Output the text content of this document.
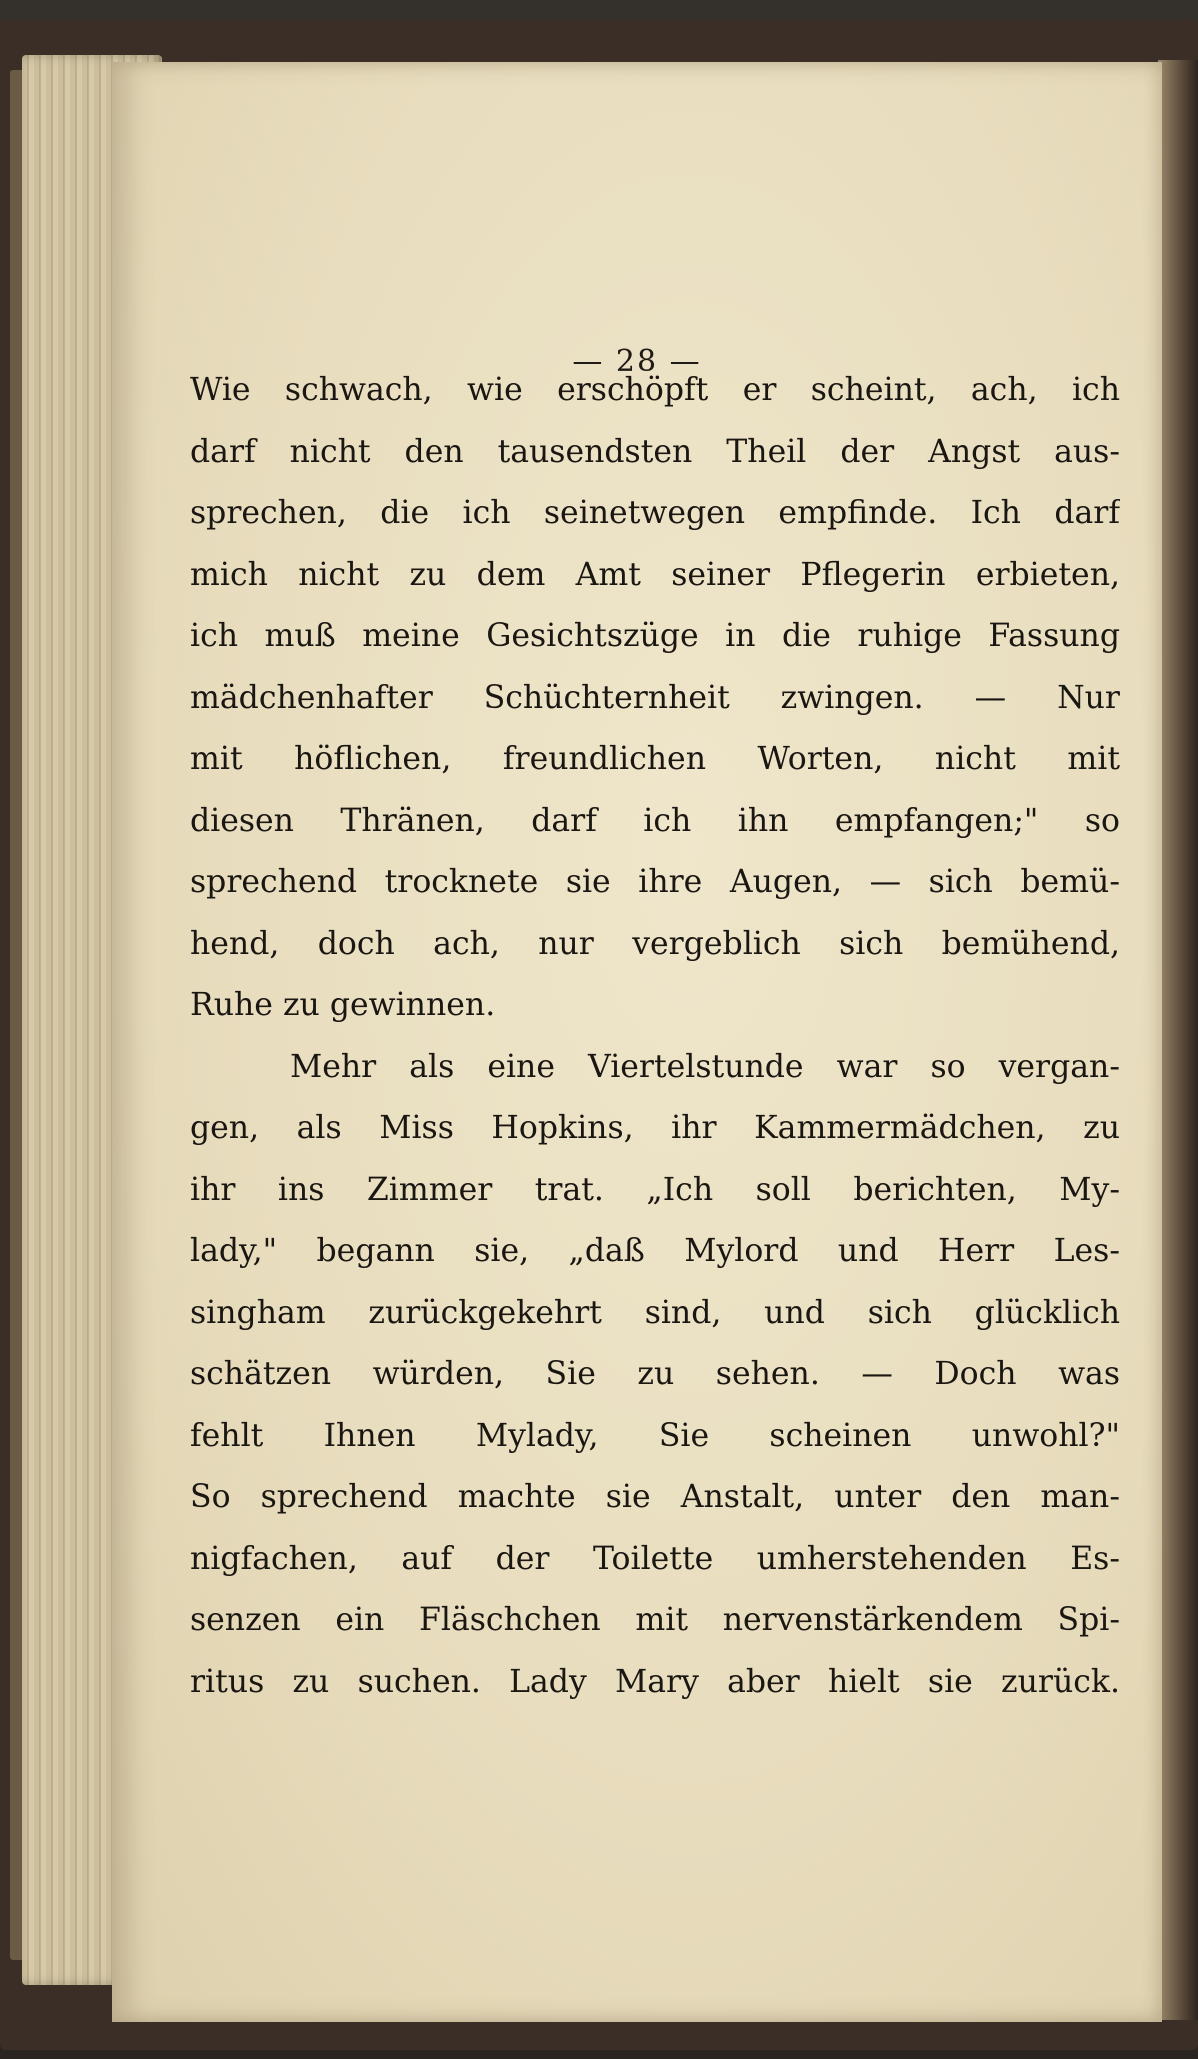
— 28 —
Wie schwach, wie erschöpft er scheint, ach, ich
darf nicht den tausendsten Theil der Angst aus-
sprechen, die ich seinetwegen empfinde. Ich darf
mich nicht zu dem Amt seiner Pflegerin erbieten,
ich muß meine Gesichtszüge in die ruhige Fassung
mädchenhafter Schüchternheit zwingen. — Nur
mit höflichen, freundlichen Worten, nicht mit
diesen Thränen, darf ich ihn empfangen;" so
sprechend trocknete sie ihre Augen, — sich bemü-
hend, doch ach, nur vergeblich sich bemühend,
Ruhe zu gewinnen.
Mehr als eine Viertelstunde war so vergan-
gen, als Miss Hopkins, ihr Kammermädchen, zu
ihr ins Zimmer trat. „Ich soll berichten, My-
lady," begann sie, „daß Mylord und Herr Les-
singham zurückgekehrt sind, und sich glücklich
schätzen würden, Sie zu sehen. — Doch was
fehlt Ihnen Mylady, Sie scheinen unwohl?"
So sprechend machte sie Anstalt, unter den man-
nigfachen, auf der Toilette umherstehenden Es-
senzen ein Fläschchen mit nervenstärkendem Spi-
ritus zu suchen. Lady Mary aber hielt sie zurück.
